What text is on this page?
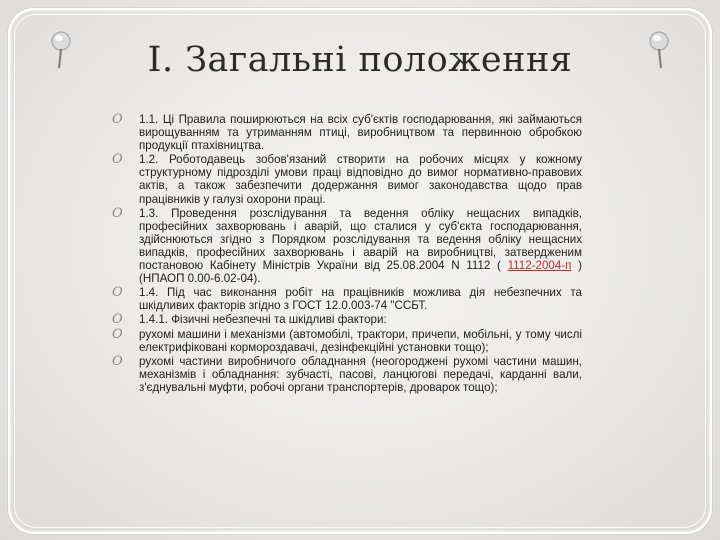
I. Загальні положення

O 1.1. Ці Правила поширюються на всіх суб'єктів господарювання, які займаються вирощуванням та утриманням птиці, виробництвом та первинною обробкою продукції птахівництва.

O 1.2. Роботодавець зобов'язаний створити на робочих місцях у кожному структурному підрозділі умови праці відповідно до вимог нормативно-правових актів, а також забезпечити додержання вимог законодавства щодо прав працівників у галузі охорони праці.

O 1.3. Проведення розслідування та ведення обліку нещасних випадків, професійних захворювань і аварій, що сталися у суб'єкта господарювання, здійснюються згідно з Порядком розслідування та ведення обліку нещасних випадків, професійних захворювань і аварій на виробництві, затвердженим постановою Кабінету Міністрів України від 25.08.2004 N 1112 ( 1112-2004-п ) (НПАОП 0.00-6.02-04).

O 1.4. Під час виконання робіт на працівників можлива дія небезпечних та шкідливих факторів згідно з ГОСТ 12.0.003-74 "ССБТ.

O 1.4.1. Фізичні небезпечні та шкідливі фактори:

O рухомі машини і механізми (автомобілі, трактори, причепи, мобільні, у тому числі електрифіковані кормороздавачі, дезінфекційні установки тощо);

O рухомі частини виробничого обладнання (неогороджені рухомі частини машин, механізмів і обладнання: зубчасті, пасові, ланцюгові передачі, карданні вали, з'єднувальні муфти, робочі органи транспортерів, дроварок тощо);
